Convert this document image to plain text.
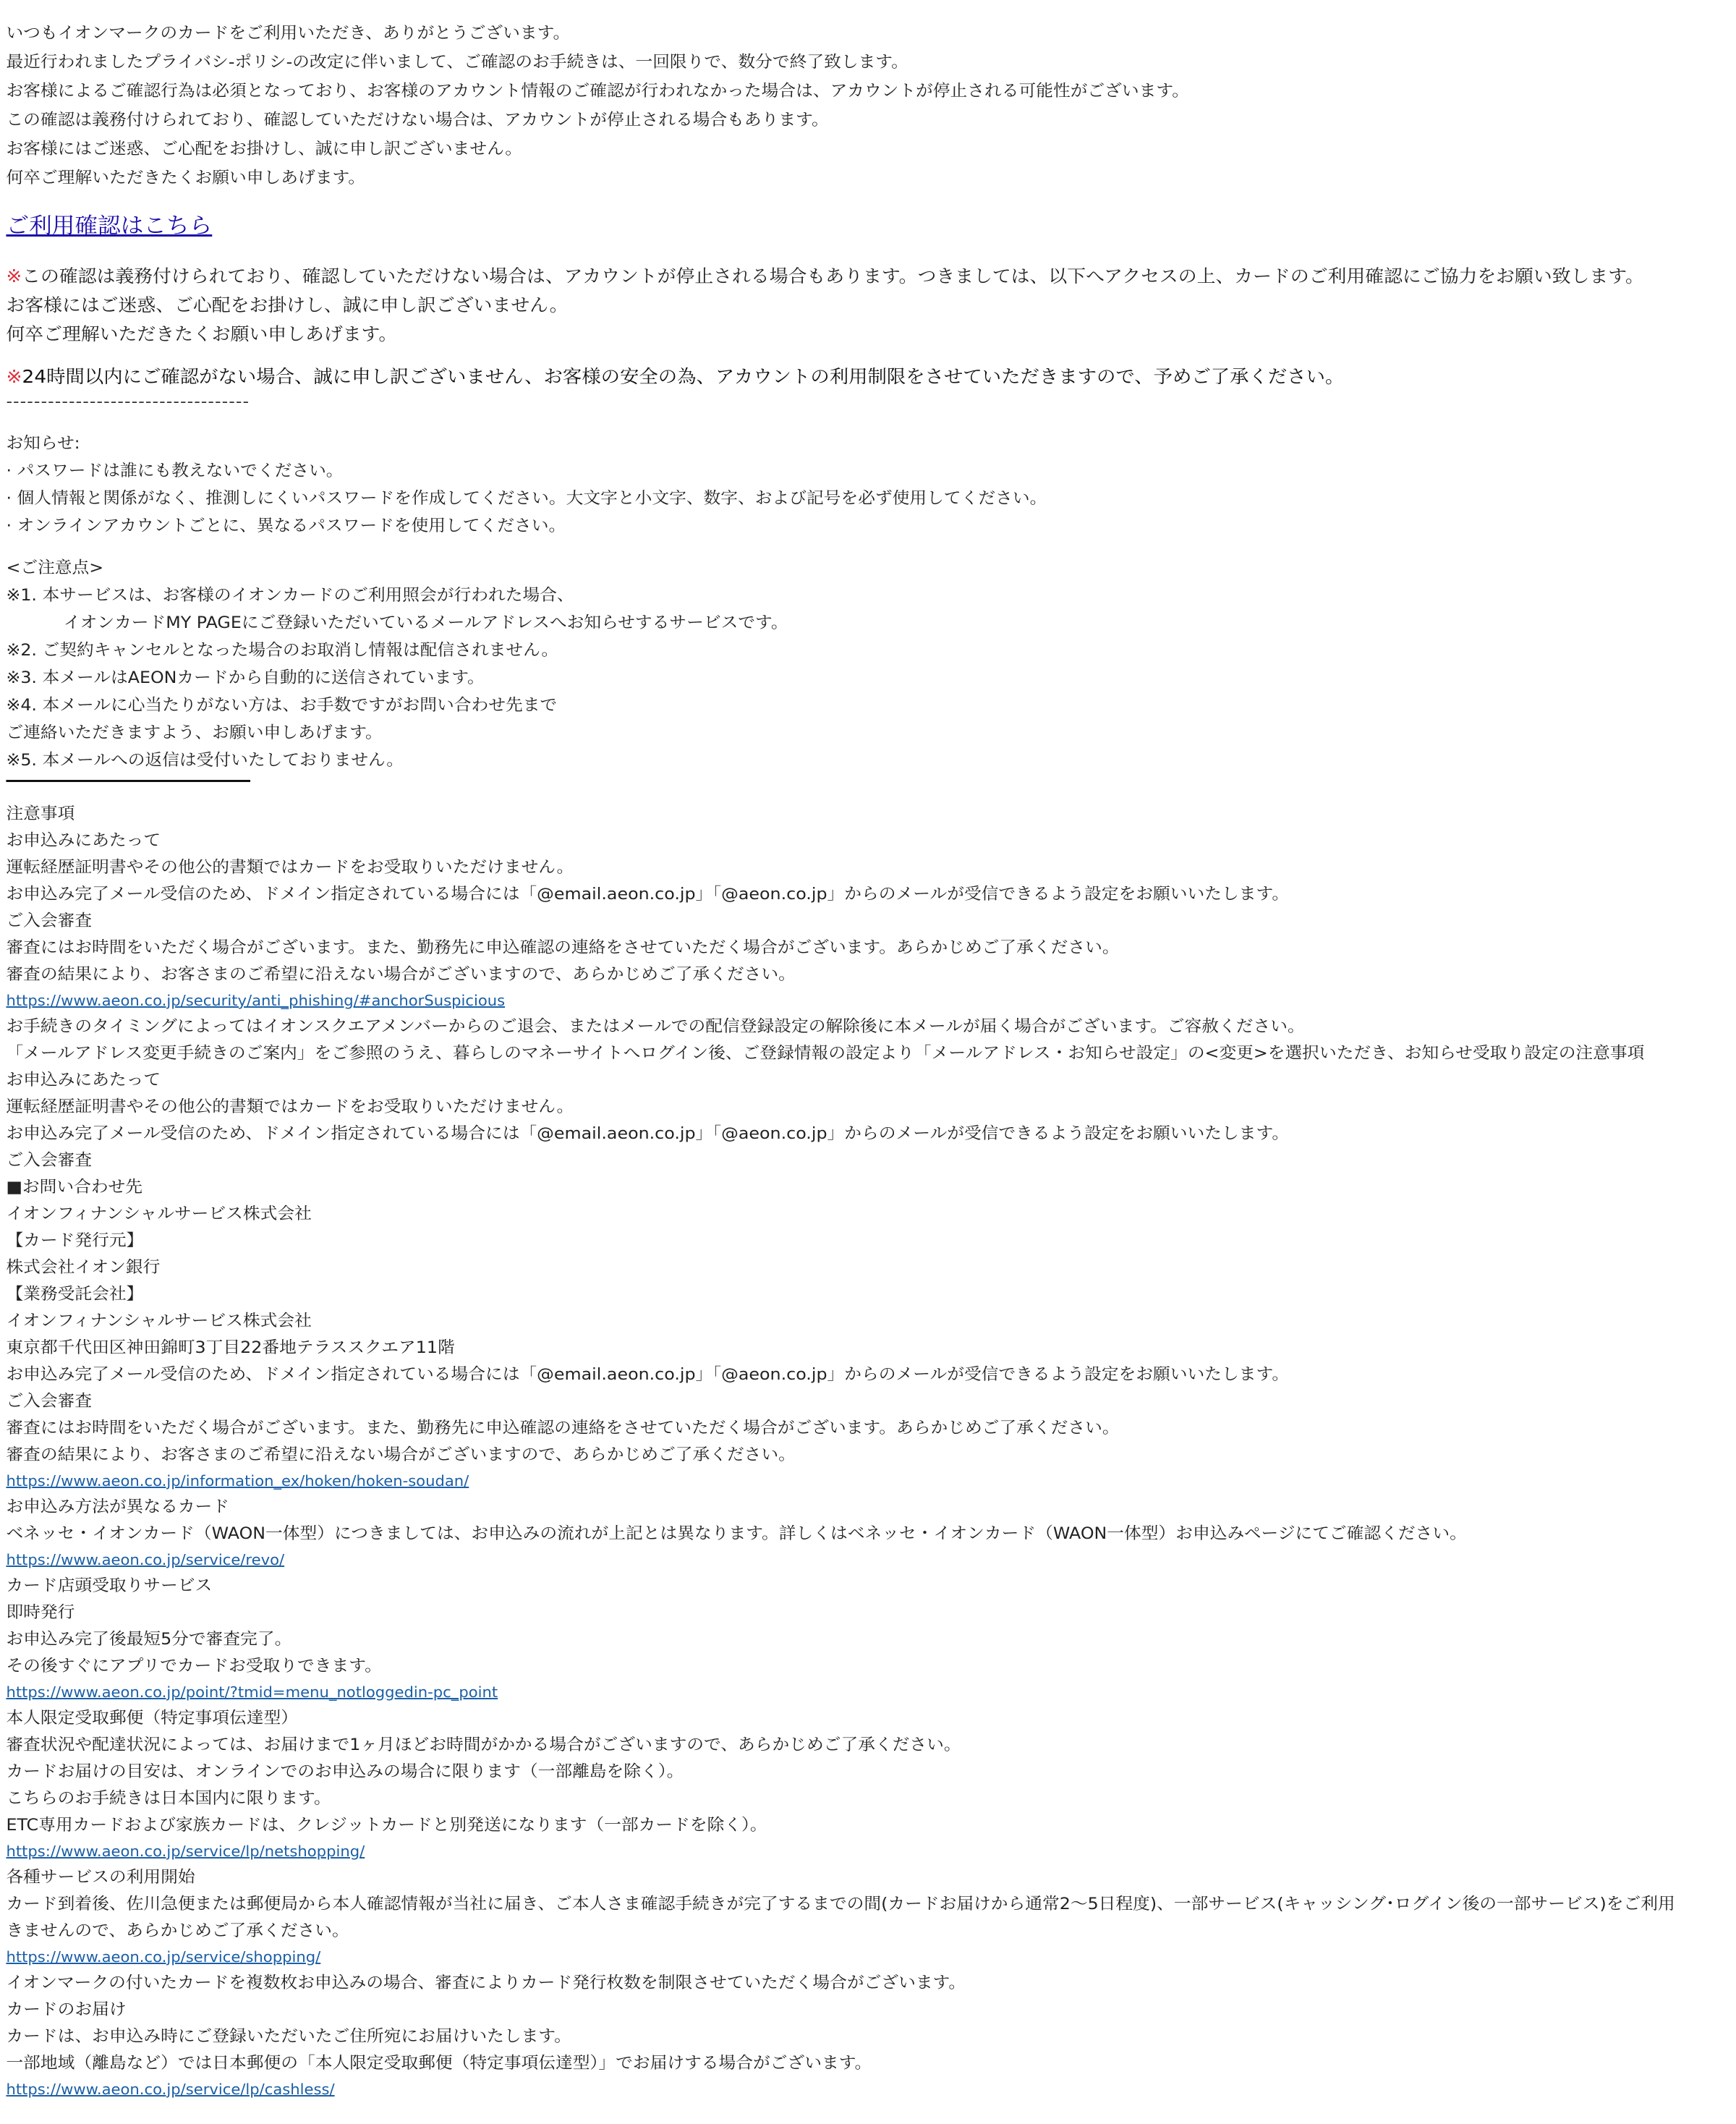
いつもイオンマークのカードをご利用いただき、ありがとうございます。
最近行われましたプライバシ-ポリシ-の改定に伴いまして、ご確認のお手続きは、一回限りで、数分で終了致します。
お客様によるご確認行為は必須となっており、お客様のアカウント情報のご確認が行われなかった場合は、アカウントが停止される可能性がございます。
この確認は義務付けられており、確認していただけない場合は、アカウントが停止される場合もあります。
お客様にはご迷惑、ご心配をお掛けし、誠に申し訳ございません。
何卒ご理解いただきたくお願い申しあげます。
ご利用確認はこちら
※この確認は義務付けられており、確認していただけない場合は、アカウントが停止される場合もあります。つきましては、以下へアクセスの上、カードのご利用確認にご協力をお願い致します。
お客様にはご迷惑、ご心配をお掛けし、誠に申し訳ございません。
何卒ご理解いただきたくお願い申しあげます。
※24時間以内にご確認がない場合、誠に申し訳ございません、お客様の安全の為、アカウントの利用制限をさせていただきますので、予めご了承ください。
-----------------------------------
お知らせ:
· パスワードは誰にも教えないでください。
· 個人情報と関係がなく、推測しにくいパスワードを作成してください。大文字と小文字、数字、および記号を必ず使用してください。
· オンラインアカウントごとに、異なるパスワードを使用してください。
<ご注意点>
※1. 本サービスは、お客様のイオンカードのご利用照会が行われた場合、
イオンカードMY PAGEにご登録いただいているメールアドレスへお知らせするサービスです。
※2. ご契約キャンセルとなった場合のお取消し情報は配信されません。
※3. 本メールはAEONカードから自動的に送信されています。
※4. 本メールに心当たりがない方は、お手数ですがお問い合わせ先まで
ご連絡いただきますよう、お願い申しあげます。
※5. 本メールへの返信は受付いたしておりません。
注意事項
お申込みにあたって
運転経歴証明書やその他公的書類ではカードをお受取りいただけません。
お申込み完了メール受信のため、ドメイン指定されている場合には「@email.aeon.co.jp」「@aeon.co.jp」からのメールが受信できるよう設定をお願いいたします。
ご入会審査
審査にはお時間をいただく場合がございます。また、勤務先に申込確認の連絡をさせていただく場合がございます。あらかじめご了承ください。
審査の結果により、お客さまのご希望に沿えない場合がございますので、あらかじめご了承ください。
https://www.aeon.co.jp/security/anti_phishing/#anchorSuspicious
お手続きのタイミングによってはイオンスクエアメンバーからのご退会、またはメールでの配信登録設定の解除後に本メールが届く場合がございます。ご容赦ください。
「メールアドレス変更手続きのご案内」をご参照のうえ、暮らしのマネーサイトへログイン後、ご登録情報の設定より「メールアドレス・お知らせ設定」の<変更>を選択いただき、お知らせ受取り設定の注意事項
お申込みにあたって
運転経歴証明書やその他公的書類ではカードをお受取りいただけません。
お申込み完了メール受信のため、ドメイン指定されている場合には「@email.aeon.co.jp」「@aeon.co.jp」からのメールが受信できるよう設定をお願いいたします。
ご入会審査
■お問い合わせ先
イオンフィナンシャルサービス株式会社
【カード発行元】
株式会社イオン銀行
【業務受託会社】
イオンフィナンシャルサービス株式会社
東京都千代田区神田錦町3丁目22番地テラススクエア11階
お申込み完了メール受信のため、ドメイン指定されている場合には「@email.aeon.co.jp」「@aeon.co.jp」からのメールが受信できるよう設定をお願いいたします。
ご入会審査
審査にはお時間をいただく場合がございます。また、勤務先に申込確認の連絡をさせていただく場合がございます。あらかじめご了承ください。
審査の結果により、お客さまのご希望に沿えない場合がございますので、あらかじめご了承ください。
https://www.aeon.co.jp/information_ex/hoken/hoken-soudan/
お申込み方法が異なるカード
ベネッセ・イオンカード（WAON一体型）につきましては、お申込みの流れが上記とは異なります。詳しくはベネッセ・イオンカード（WAON一体型）お申込みページにてご確認ください。
https://www.aeon.co.jp/service/revo/
カード店頭受取りサービス
即時発行
お申込み完了後最短5分で審査完了。
その後すぐにアプリでカードお受取りできます。
https://www.aeon.co.jp/point/?tmid=menu_notloggedin-pc_point
本人限定受取郵便（特定事項伝達型）
審査状況や配達状況によっては、お届けまで1ヶ月ほどお時間がかかる場合がございますので、あらかじめご了承ください。
カードお届けの目安は、オンラインでのお申込みの場合に限ります（一部離島を除く）。
こちらのお手続きは日本国内に限ります。
ETC専用カードおよび家族カードは、クレジットカードと別発送になります（一部カードを除く）。
https://www.aeon.co.jp/service/lp/netshopping/
各種サービスの利用開始
カード到着後、佐川急便または郵便局から本人確認情報が当社に届き、ご本人さま確認手続きが完了するまでの間(カードお届けから通常2〜5日程度)、一部サービス(キャッシング･ログイン後の一部サービス)をご利用
きませんので、あらかじめご了承ください。
https://www.aeon.co.jp/service/shopping/
イオンマークの付いたカードを複数枚お申込みの場合、審査によりカード発行枚数を制限させていただく場合がございます。
カードのお届け
カードは、お申込み時にご登録いただいたご住所宛にお届けいたします。
一部地域（離島など）では日本郵便の「本人限定受取郵便（特定事項伝達型）」でお届けする場合がございます。
https://www.aeon.co.jp/service/lp/cashless/
